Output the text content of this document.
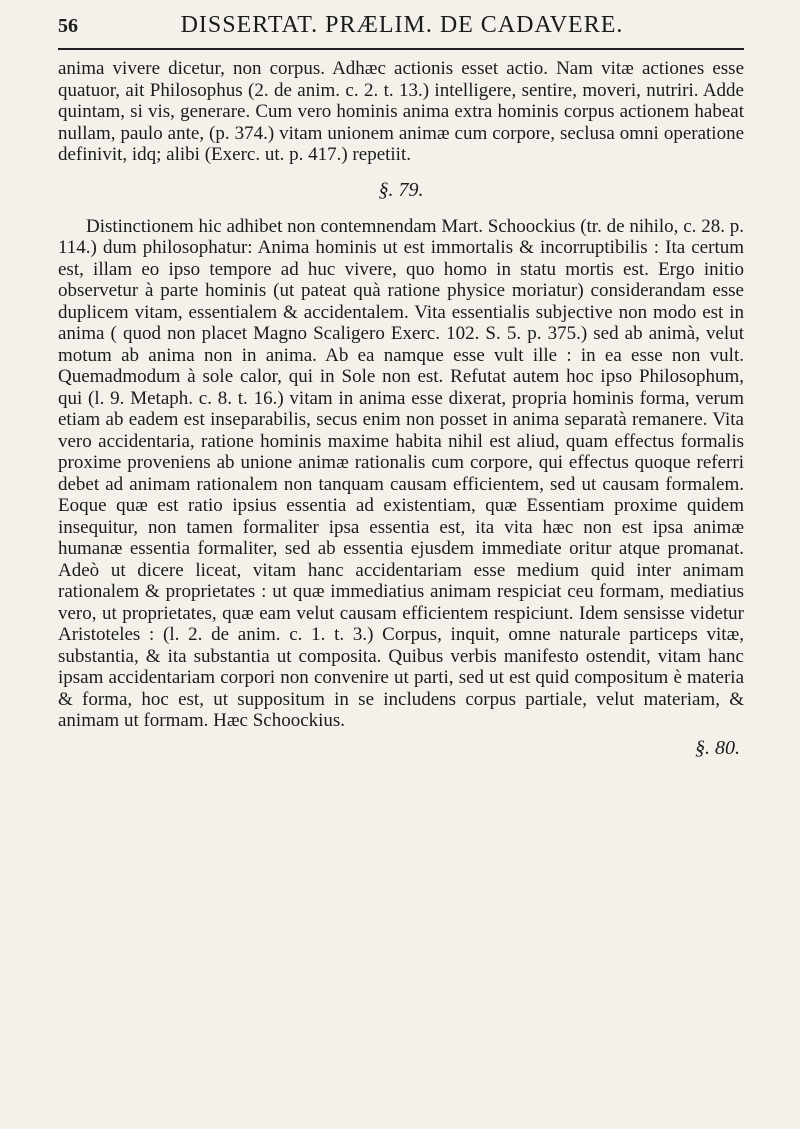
56	DISSERTAT. PRÆLIM. DE CADAVERE.

anima vivere dicetur, non corpus. Adhæc actionis esset actio. Nam vitæ actiones esse quatuor, ait Philosophus (2. de anim. c. 2. t. 13.) intelligere, sentire, moveri, nutriri. Adde quintam, si vis, generare. Cum vero hominis anima extra hominis corpus actionem habeat nullam, paulo ante, (p. 374.) vitam unionem animæ cum corpore, seclusa omni operatione definivit, idq; alibi (Exerc. ut. p. 417.) repetiit.

§. 79.

Distinctionem hic adhibet non contemnendam Mart. Schoockius (tr. de nihilo, c. 28. p. 114.) dum philosophatur: Anima hominis ut est immortalis & incorruptibilis : Ita certum est, illam eo ipso tempore ad huc vivere, quo homo in statu mortis est. Ergo initio observetur à parte hominis (ut pateat quà ratione physice moriatur) considerandam esse duplicem vitam, essentialem & accidentalem. Vita essentialis subjective non modo est in anima ( quod non placet Magno Scaligero Exerc. 102. S. 5. p. 375.) sed ab animà, velut motum ab anima non in anima. Ab ea namque esse vult ille : in ea esse non vult. Quemadmodum à sole calor, qui in Sole non est. Refutat autem hoc ipso Philosophum, qui (l. 9. Metaph. c. 8. t. 16.) vitam in anima esse dixerat, propria hominis forma, verum etiam ab eadem est inseparabilis, secus enim non posset in anima separatà remanere. Vita vero accidentaria, ratione hominis maxime habita nihil est aliud, quam effectus formalis proxime proveniens ab unione animæ rationalis cum corpore, qui effectus quoque referri debet ad animam rationalem non tanquam causam efficientem, sed ut causam formalem. Eoque quæ est ratio ipsius essentia ad existentiam, quæ Essentiam proxime quidem insequitur, non tamen formaliter ipsa essentia est, ita vita hæc non est ipsa animæ humanæ essentia formaliter, sed ab essentia ejusdem immediate oritur atque promanat. Adeò ut dicere liceat, vitam hanc accidentariam esse medium quid inter animam rationalem & proprietates : ut quæ immediatius animam respiciat ceu formam, mediatius vero, ut proprietates, quæ eam velut causam efficientem respiciunt. Idem sensisse videtur Aristoteles : (l. 2. de anim. c. 1. t. 3.) Corpus, inquit, omne naturale particeps vitæ, substantia, & ita substantia ut composita. Quibus verbis manifesto ostendit, vitam hanc ipsam accidentariam corpori non convenire ut parti, sed ut est quid compositum è materia & forma, hoc est, ut suppositum in se includens corpus partiale, velut materiam, & animam ut formam. Hæc Schoockius.

§. 80.
